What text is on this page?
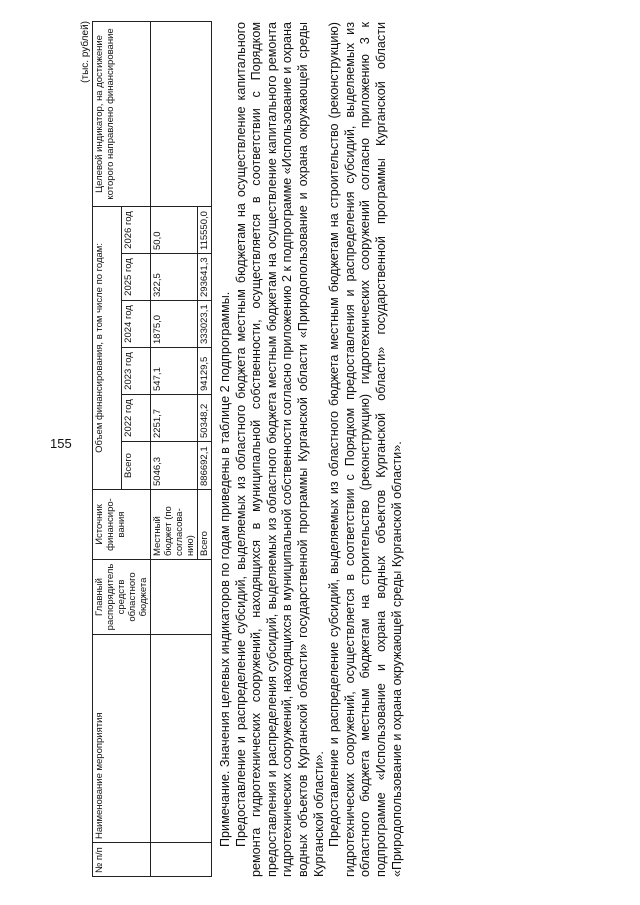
155
(тыс. рублей)
№ п/п	Наименование мероприятия	Главный распорядитель средств областного бюджета	Источник финансиро-вания	Объем финансирования, в том числе по годам:						Целевой индикатор, на достижение которого направлено финансирование
				Всего	2022 год	2023 год	2024 год	2025 год	2026 год	
			Местный бюджет (по согласова-нию)	5046,3	2251,7	547,1	1875,0	322,5	50,0	
			Всего	886692,1	50348,2	94129,5	333023,1	293641,3	115550,0	

Примечание. Значения целевых индикаторов по годам приведены в таблице 2 подпрограммы. Предоставление и распределение субсидий, выделяемых из областного бюджета местным бюджетам на осуществление капитального ремонта гидротехнических сооружений, находящихся в муниципальной собственности, осуществляется в соответствии с Порядком предоставления и распределения субсидий, выделяемых из областного бюджета местным бюджетам на осуществление капитального ремонта гидротехнических сооружений, находящихся в муниципальной собственности согласно приложению 2 к подпрограмме «Использование и охрана водных объектов Курганской области» государственной программы Курганской области «Природопользование и охрана окружающей среды Курганской области». Предоставление и распределение субсидий, выделяемых из областного бюджета местным бюджетам на строительство (реконструкцию) гидротехнических сооружений, осуществляется в соответствии с Порядком предоставления и распределения субсидий, выделяемых из областного бюджета местным бюджетам на строительство (реконструкцию) гидротехнических сооружений согласно приложению 3 к подпрограмме «Использование и охрана водных объектов Курганской области» государственной программы Курганской области «Природопользование и охрана окружающей среды Курганской области».
